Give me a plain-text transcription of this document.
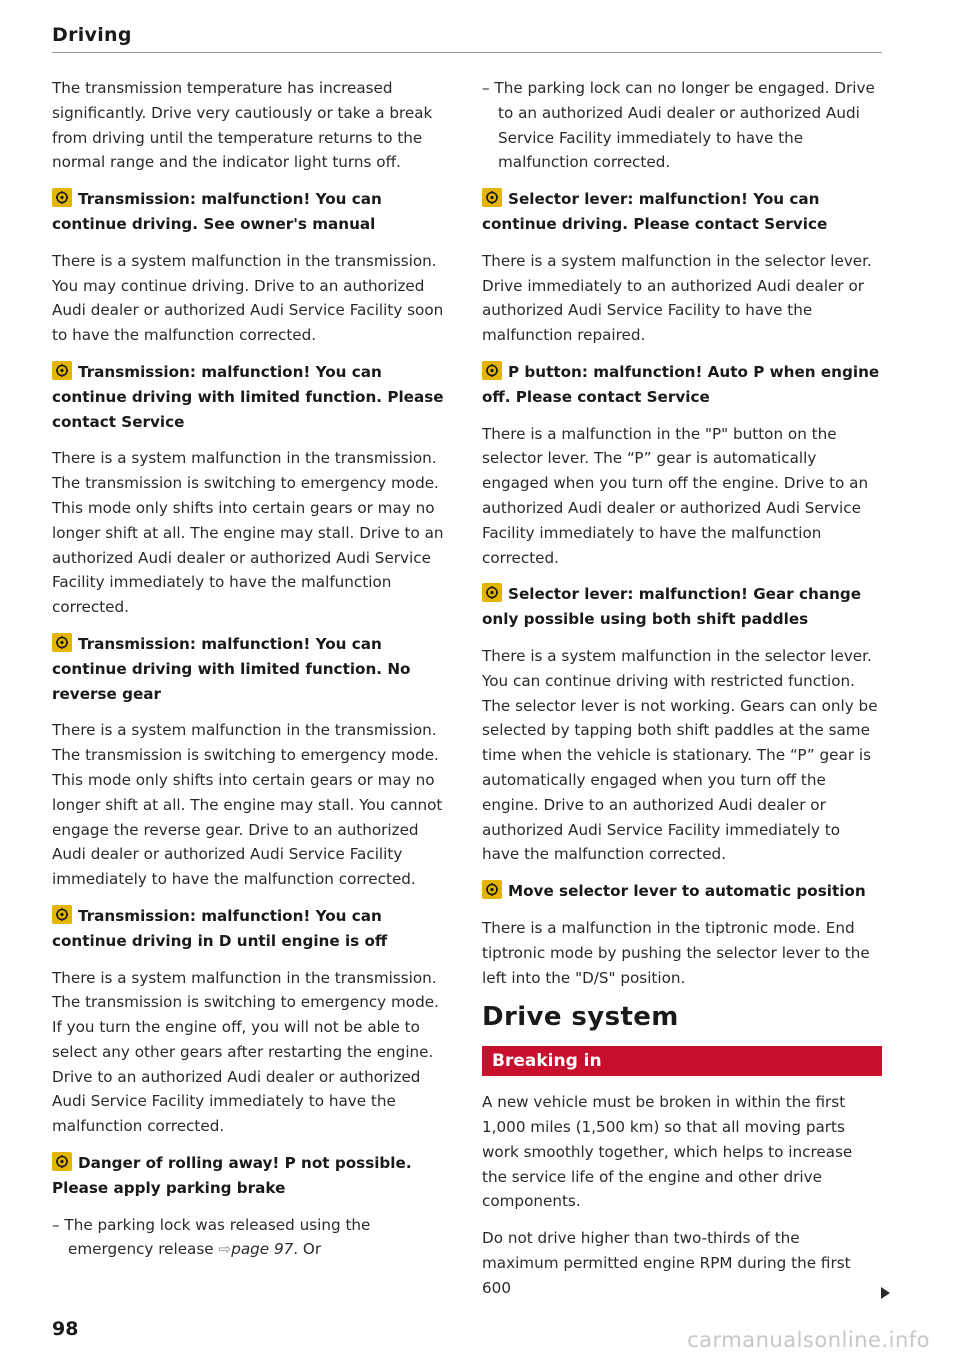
Driving

The transmission temperature has increased significantly. Drive very cautiously or take a break from driving until the temperature returns to the normal range and the indicator light turns off.

Transmission: malfunction! You can continue driving. See owner's manual

There is a system malfunction in the transmission. You may continue driving. Drive to an authorized Audi dealer or authorized Audi Service Facility soon to have the malfunction corrected.

Transmission: malfunction! You can continue driving with limited function. Please contact Service

There is a system malfunction in the transmission. The transmission is switching to emergency mode. This mode only shifts into certain gears or may no longer shift at all. The engine may stall. Drive to an authorized Audi dealer or authorized Audi Service Facility immediately to have the malfunction corrected.

Transmission: malfunction! You can continue driving with limited function. No reverse gear

There is a system malfunction in the transmission. The transmission is switching to emergency mode. This mode only shifts into certain gears or may no longer shift at all. The engine may stall. You cannot engage the reverse gear. Drive to an authorized Audi dealer or authorized Audi Service Facility immediately to have the malfunction corrected.

Transmission: malfunction! You can continue driving in D until engine is off

There is a system malfunction in the transmission. The transmission is switching to emergency mode. If you turn the engine off, you will not be able to select any other gears after restarting the engine. Drive to an authorized Audi dealer or authorized Audi Service Facility immediately to have the malfunction corrected.

Danger of rolling away! P not possible. Please apply parking brake
– The parking lock was released using the emergency release ⇨page 97. Or
– The parking lock can no longer be engaged. Drive to an authorized Audi dealer or authorized Audi Service Facility immediately to have the malfunction corrected.
Selector lever: malfunction! You can continue driving. Please contact Service

There is a system malfunction in the selector lever. Drive immediately to an authorized Audi dealer or authorized Audi Service Facility to have the malfunction repaired.

P button: malfunction! Auto P when engine off. Please contact Service

There is a malfunction in the "P" button on the selector lever. The “P” gear is automatically engaged when you turn off the engine. Drive to an authorized Audi dealer or authorized Audi Service Facility immediately to have the malfunction corrected.

Selector lever: malfunction! Gear change only possible using both shift paddles

There is a system malfunction in the selector lever. You can continue driving with restricted function. The selector lever is not working. Gears can only be selected by tapping both shift paddles at the same time when the vehicle is stationary. The “P” gear is automatically engaged when you turn off the engine. Drive to an authorized Audi dealer or authorized Audi Service Facility immediately to have the malfunction corrected.

Move selector lever to automatic position

There is a malfunction in the tiptronic mode. End tiptronic mode by pushing the selector lever to the left into the "D/S" position.

Drive system
Breaking in

A new vehicle must be broken in within the first 1,000 miles (1,500 km) so that all moving parts work smoothly together, which helps to increase the service life of the engine and other drive components.

Do not drive higher than two-thirds of the maximum permitted engine RPM during the first 600

98	carmanualsonline.info
